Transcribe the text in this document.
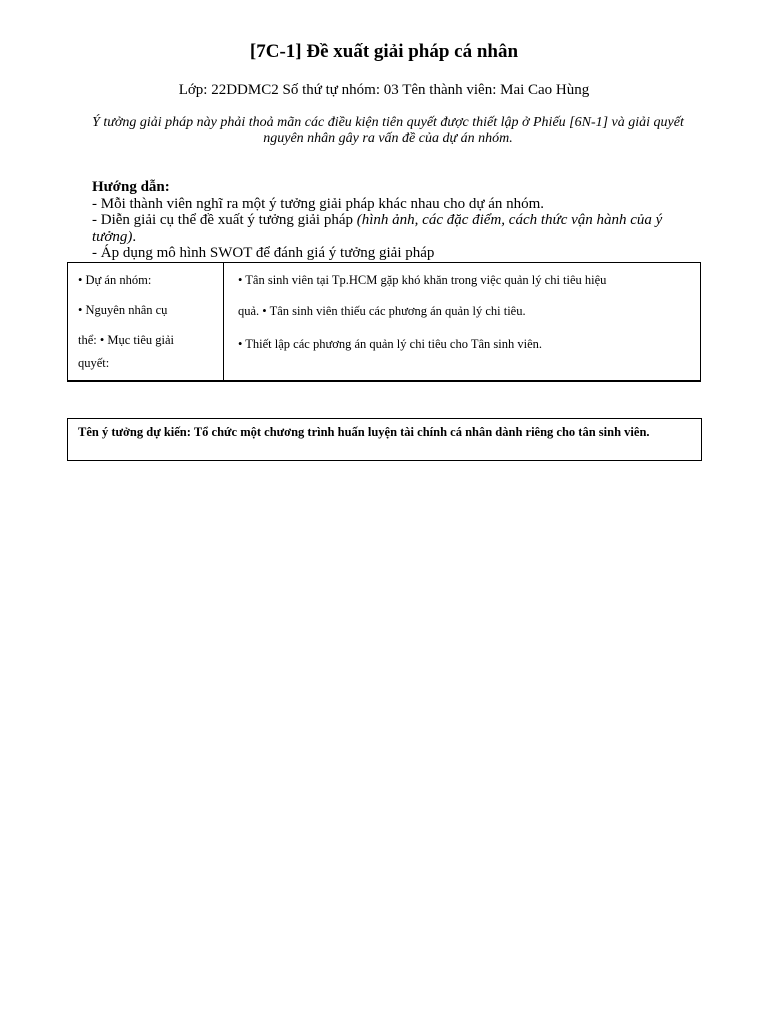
[7C-1] Đề xuất giải pháp cá nhân
Lớp: 22DDMC2 Số thứ tự nhóm: 03 Tên thành viên: Mai Cao Hùng
Ý tưởng giải pháp này phải thoả mãn các điều kiện tiên quyết được thiết lập ở Phiếu [6N-1] và giải quyết nguyên nhân gây ra vấn đề của dự án nhóm.
Hướng dẫn:
- Mỗi thành viên nghĩ ra một ý tưởng giải pháp khác nhau cho dự án nhóm.
- Diễn giải cụ thể đề xuất ý tưởng giải pháp (hình ảnh, các đặc điểm, cách thức vận hành của ý tưởng).
- Áp dụng mô hình SWOT để đánh giá ý tưởng giải pháp
• Dự án nhóm:
• Nguyên nhân cụ
thể: • Mục tiêu giải
quyết:
• Tân sinh viên tại Tp.HCM gặp khó khăn trong việc quản lý chi tiêu hiệu
quả. • Tân sinh viên thiếu các phương án quản lý chi tiêu.
• Thiết lập các phương án quản lý chi tiêu cho Tân sinh viên.
Tên ý tưởng dự kiến: Tổ chức một chương trình huấn luyện tài chính cá nhân dành riêng cho tân sinh viên.
